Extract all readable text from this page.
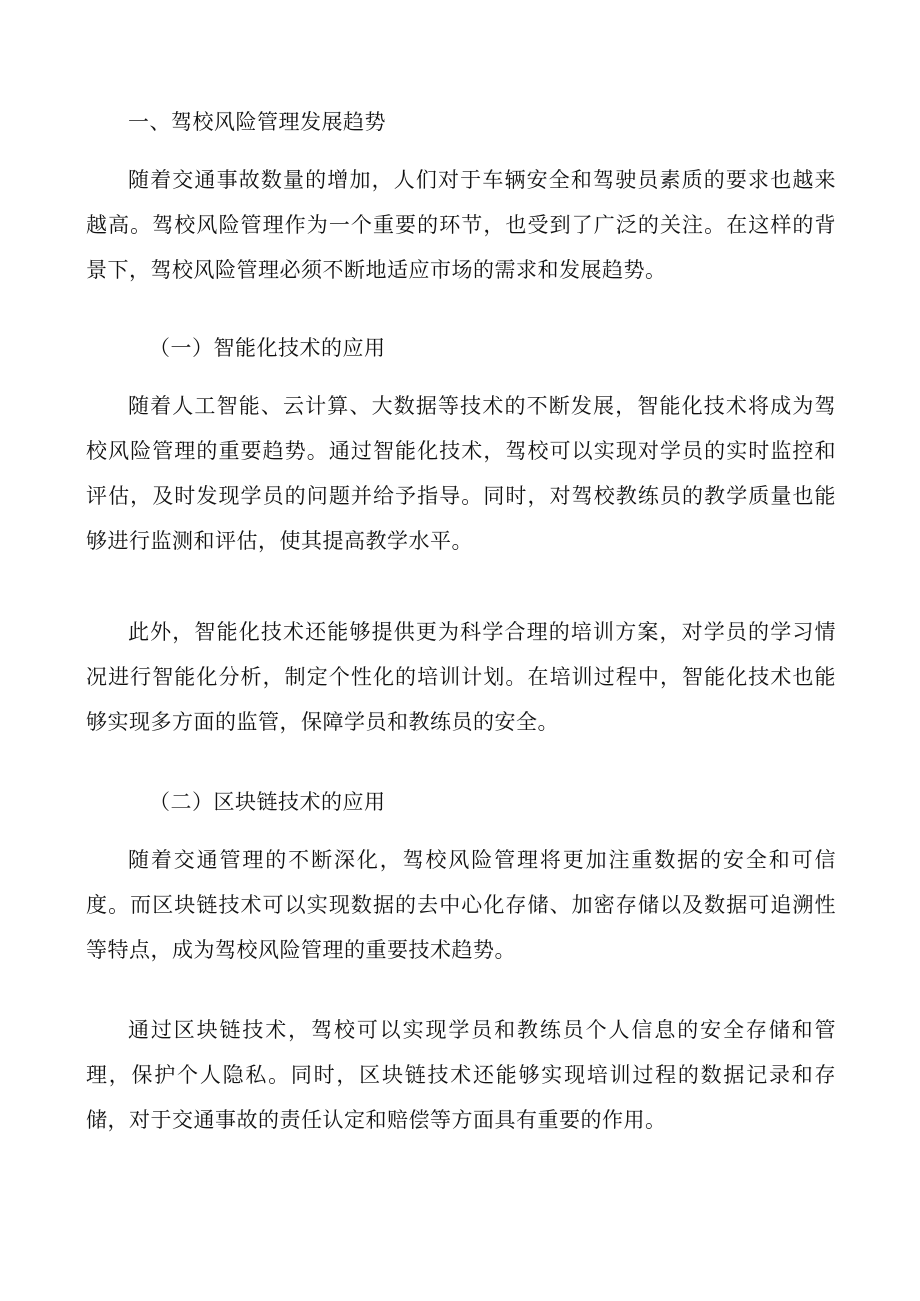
一、驾校风险管理发展趋势
随着交通事故数量的增加，人们对于车辆安全和驾驶员素质的要求也越来越高。驾校风险管理作为一个重要的环节，也受到了广泛的关注。在这样的背景下，驾校风险管理必须不断地适应市场的需求和发展趋势。
（一）智能化技术的应用
随着人工智能、云计算、大数据等技术的不断发展，智能化技术将成为驾校风险管理的重要趋势。通过智能化技术，驾校可以实现对学员的实时监控和评估，及时发现学员的问题并给予指导。同时，对驾校教练员的教学质量也能够进行监测和评估，使其提高教学水平。
此外，智能化技术还能够提供更为科学合理的培训方案，对学员的学习情况进行智能化分析，制定个性化的培训计划。在培训过程中，智能化技术也能够实现多方面的监管，保障学员和教练员的安全。
（二）区块链技术的应用
随着交通管理的不断深化，驾校风险管理将更加注重数据的安全和可信度。而区块链技术可以实现数据的去中心化存储、加密存储以及数据可追溯性等特点，成为驾校风险管理的重要技术趋势。
通过区块链技术，驾校可以实现学员和教练员个人信息的安全存储和管理，保护个人隐私。同时，区块链技术还能够实现培训过程的数据记录和存储，对于交通事故的责任认定和赔偿等方面具有重要的作用。
